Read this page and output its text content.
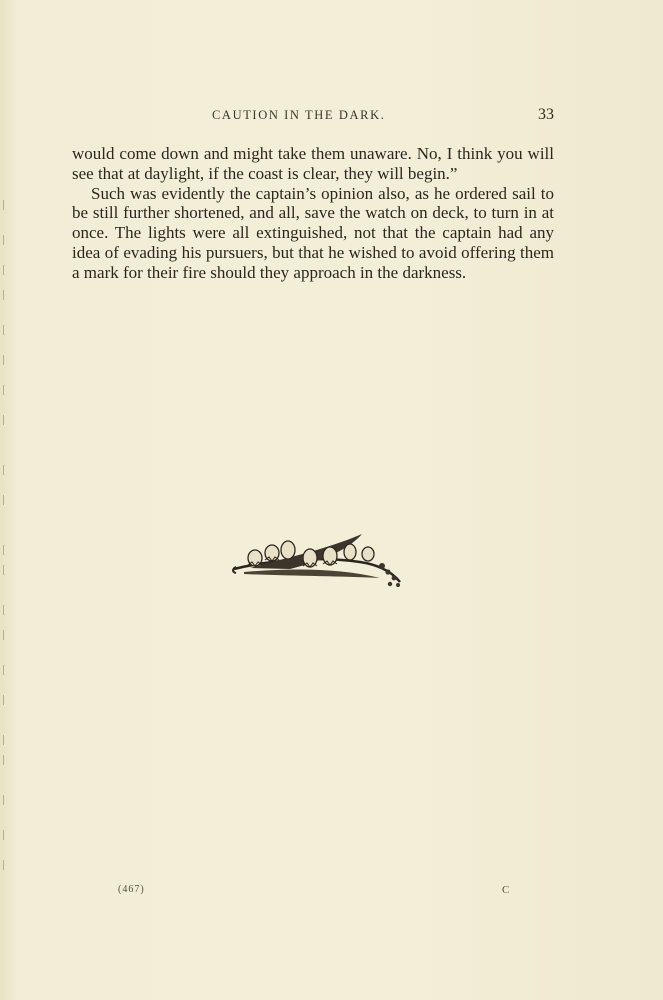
CAUTION IN THE DARK.	33

would come down and might take them unaware. No, I think you will see that at daylight, if the coast is clear, they will begin.”

Such was evidently the captain’s opinion also, as he ordered sail to be still further shortened, and all, save the watch on deck, to turn in at once. The lights were all extinguished, not that the captain had any idea of evading his pursuers, but that he wished to avoid offering them a mark for their fire should they approach in the darkness.

(467)	C
